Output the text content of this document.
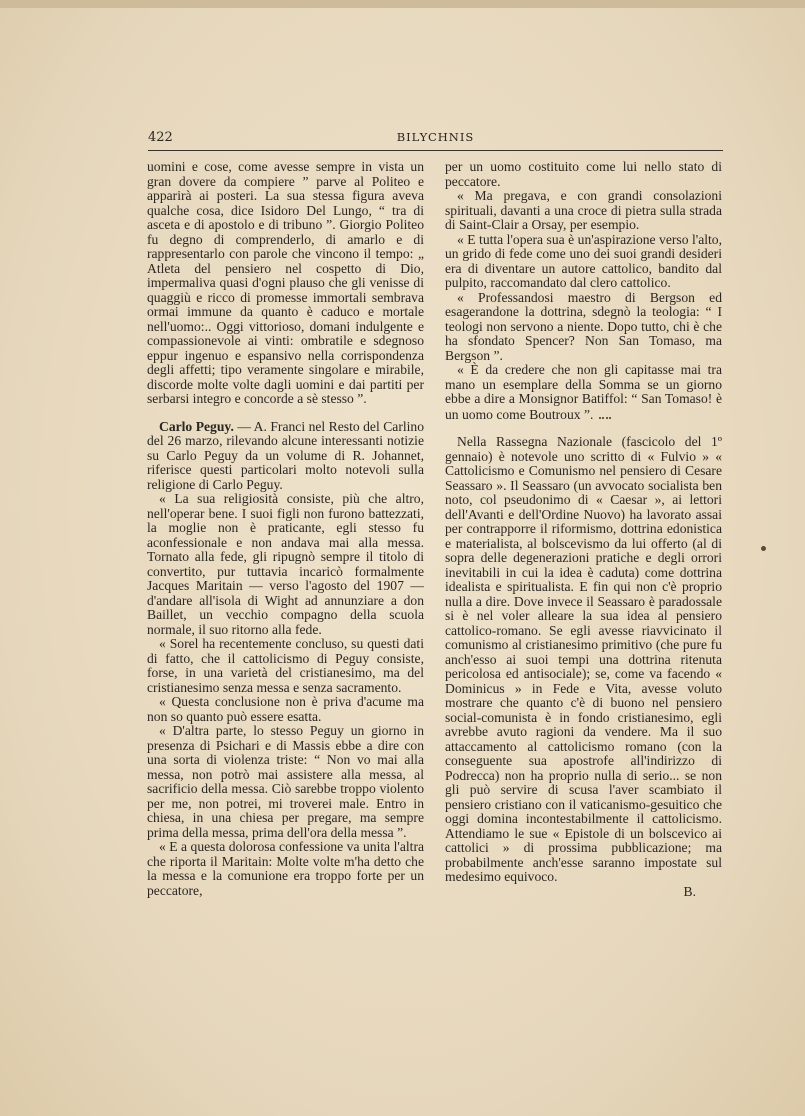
422	BILYCHNIS

uomini e cose, come avesse sempre in vista un gran dovere da compiere ” parve al Politeo e apparirà ai posteri. La sua stessa figura aveva qualche cosa, dice Isidoro Del Lungo, “ tra di asceta e di apostolo e di tribuno ”. Giorgio Politeo fu degno di comprenderlo, di amarlo e di rappresentarlo con parole che vincono il tempo: „ Atleta del pensiero nel cospetto di Dio, impermaliva quasi d'ogni plauso che gli venisse di quaggiù e ricco di promesse immortali sembrava ormai immune da quanto è caduco e mortale nell'uomo:.. Oggi vittorioso, domani indulgente e compassionevole ai vinti: ombratile e sdegnoso eppur ingenuo e espansivo nella corrispondenza degli affetti; tipo veramente singolare e mirabile, discorde molte volte dagli uomini e dai partiti per serbarsi integro e concorde a sè stesso ”.

Carlo Peguy. — A. Franci nel Resto del Carlino del 26 marzo, rilevando alcune interessanti notizie su Carlo Peguy da un volume di R. Johannet, riferisce questi particolari molto notevoli sulla religione di Carlo Peguy.

« La sua religiosità consiste, più che altro, nell'operar bene. I suoi figli non furono battezzati, la moglie non è praticante, egli stesso fu aconfessionale e non andava mai alla messa. Tornato alla fede, gli ripugnò sempre il titolo di convertito, pur tuttavia incaricò formalmente Jacques Maritain — verso l'agosto del 1907 — d'andare all'isola di Wight ad annunziare a don Baillet, un vecchio compagno della scuola normale, il suo ritorno alla fede.

« Sorel ha recentemente concluso, su questi dati di fatto, che il cattolicismo di Peguy consiste, forse, in una varietà del cristianesimo, ma del cristianesimo senza messa e senza sacramento.

« Questa conclusione non è priva d'acume ma non so quanto può essere esatta.

« D'altra parte, lo stesso Peguy un giorno in presenza di Psichari e di Massis ebbe a dire con una sorta di violenza triste: “ Non vo mai alla messa, non potrò mai assistere alla messa, al sacrificio della messa. Ciò sarebbe troppo violento per me, non potrei, mi troverei male. Entro in chiesa, in una chiesa per pregare, ma sempre prima della messa, prima dell'ora della messa ”.

« E a questa dolorosa confessione va unita l'altra che riporta il Maritain: Molte volte m'ha detto che la messa e la comunione era troppo forte per un peccatore,

per un uomo costituito come lui nello stato di peccatore.

« Ma pregava, e con grandi consolazioni spirituali, davanti a una croce di pietra sulla strada di Saint-Clair a Orsay, per esempio.

« E tutta l'opera sua è un'aspirazione verso l'alto, un grido di fede come uno dei suoi grandi desideri era di diventare un autore cattolico, bandito dal pulpito, raccomandato dal clero cattolico.

« Professandosi maestro di Bergson ed esagerandone la dottrina, sdegnò la teologia: “ I teologi non servono a niente. Dopo tutto, chi è che ha sfondato Spencer? Non San Tomaso, ma Bergson ”.

« È da credere che non gli capitasse mai tra mano un esemplare della Somma se un giorno ebbe a dire a Monsignor Batiffol: “ San Tomaso! è un uomo come Boutroux ”.

Nella Rassegna Nazionale (fascicolo del 1º gennaio) è notevole uno scritto di « Fulvio » « Cattolicismo e Comunismo nel pensiero di Cesare Seassaro ». Il Seassaro (un avvocato socialista ben noto, col pseudonimo di « Caesar », ai lettori dell'Avanti e dell'Ordine Nuovo) ha lavorato assai per contrapporre il riformismo, dottrina edonistica e materialista, al bolscevismo da lui offerto (al di sopra delle degenerazioni pratiche e degli orrori inevitabili in cui la idea è caduta) come dottrina idealista e spiritualista. E fin qui non c'è proprio nulla a dire. Dove invece il Seassaro è paradossale si è nel voler alleare la sua idea al pensiero cattolico-romano. Se egli avesse riavvicinato il comunismo al cristianesimo primitivo (che pure fu anch'esso ai suoi tempi una dottrina ritenuta pericolosa ed antisociale); se, come va facendo « Dominicus » in Fede e Vita, avesse voluto mostrare che quanto c'è di buono nel pensiero social-comunista è in fondo cristianesimo, egli avrebbe avuto ragioni da vendere. Ma il suo attaccamento al cattolicismo romano (con la conseguente sua apostrofe all'indirizzo di Podrecca) non ha proprio nulla di serio... se non gli può servire di scusa l'aver scambiato il pensiero cristiano con il vaticanismo-gesuitico che oggi domina incontestabilmente il cattolicismo. Attendiamo le sue « Epistole di un bolscevico ai cattolici » di prossima pubblicazione; ma probabilmente anch'esse saranno impostate sul medesimo equivoco.

B.
